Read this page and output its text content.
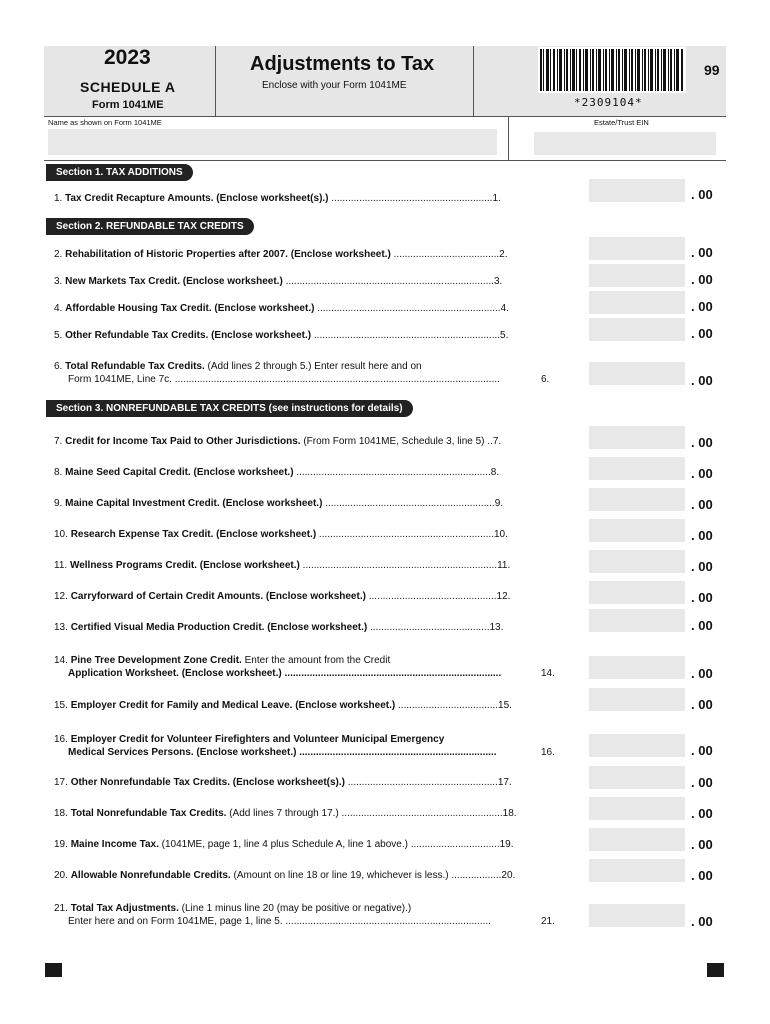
2023
SCHEDULE A
Form 1041ME
Adjustments to Tax
Enclose with your Form 1041ME
*2309104*
99
Name as shown on Form 1041ME	Estate/Trust EIN
Section 1. TAX ADDITIONS
Section 2. REFUNDABLE TAX CREDITS
Section 3. NONREFUNDABLE TAX CREDITS (see instructions for details)
1. Tax Credit Recapture Amounts. (Enclose worksheet(s).) ..........................................................1.	. 00
2. Rehabilitation of Historic Properties after 2007. (Enclose worksheet.) ......................................2.	. 00
3. New Markets Tax Credit. (Enclose worksheet.) ...........................................................................3.	. 00
4. Affordable Housing Tax Credit. (Enclose worksheet.) ..................................................................4.	. 00
5. Other Refundable Tax Credits. (Enclose worksheet.) ...................................................................5.	. 00
6. Total Refundable Tax Credits. (Add lines 2 through 5.) Enter result here and on
Form 1041ME, Line 7c. .....................................................................................................................	6.	. 00
7. Credit for Income Tax Paid to Other Jurisdictions. (From Form 1041ME, Schedule 3, line 5) ..7.	. 00
8. Maine Seed Capital Credit. (Enclose worksheet.) ......................................................................8.	. 00
9. Maine Capital Investment Credit. (Enclose worksheet.) .............................................................9.	. 00
10. Research Expense Tax Credit. (Enclose worksheet.) ...............................................................10.	. 00
11. Wellness Programs Credit. (Enclose worksheet.) ......................................................................11.	. 00
12. Carryforward of Certain Credit Amounts. (Enclose worksheet.) ..............................................12.	. 00
13. Certified Visual Media Production Credit. (Enclose worksheet.) ...........................................13.	. 00
14. Pine Tree Development Zone Credit. Enter the amount from the Credit
Application Worksheet. (Enclose worksheet.) ..............................................................................	14.	. 00
15. Employer Credit for Family and Medical Leave. (Enclose worksheet.) ....................................15.	. 00
16. Employer Credit for Volunteer Firefighters and Volunteer Municipal Emergency
Medical Services Persons. (Enclose worksheet.) .......................................................................	16.	. 00
17. Other Nonrefundable Tax Credits. (Enclose worksheet(s).) ......................................................17.	. 00
18. Total Nonrefundable Tax Credits. (Add lines 7 through 17.) ..........................................................18.	. 00
19. Maine Income Tax. (1041ME, page 1, line 4 plus Schedule A, line 1 above.) ................................19.	. 00
20. Allowable Nonrefundable Credits. (Amount on line 18 or line 19, whichever is less.) ..................20.	. 00
21. Total Tax Adjustments. (Line 1 minus line 20 (may be positive or negative).)
Enter here and on Form 1041ME, page 1, line 5. ..........................................................................	21.	. 00
